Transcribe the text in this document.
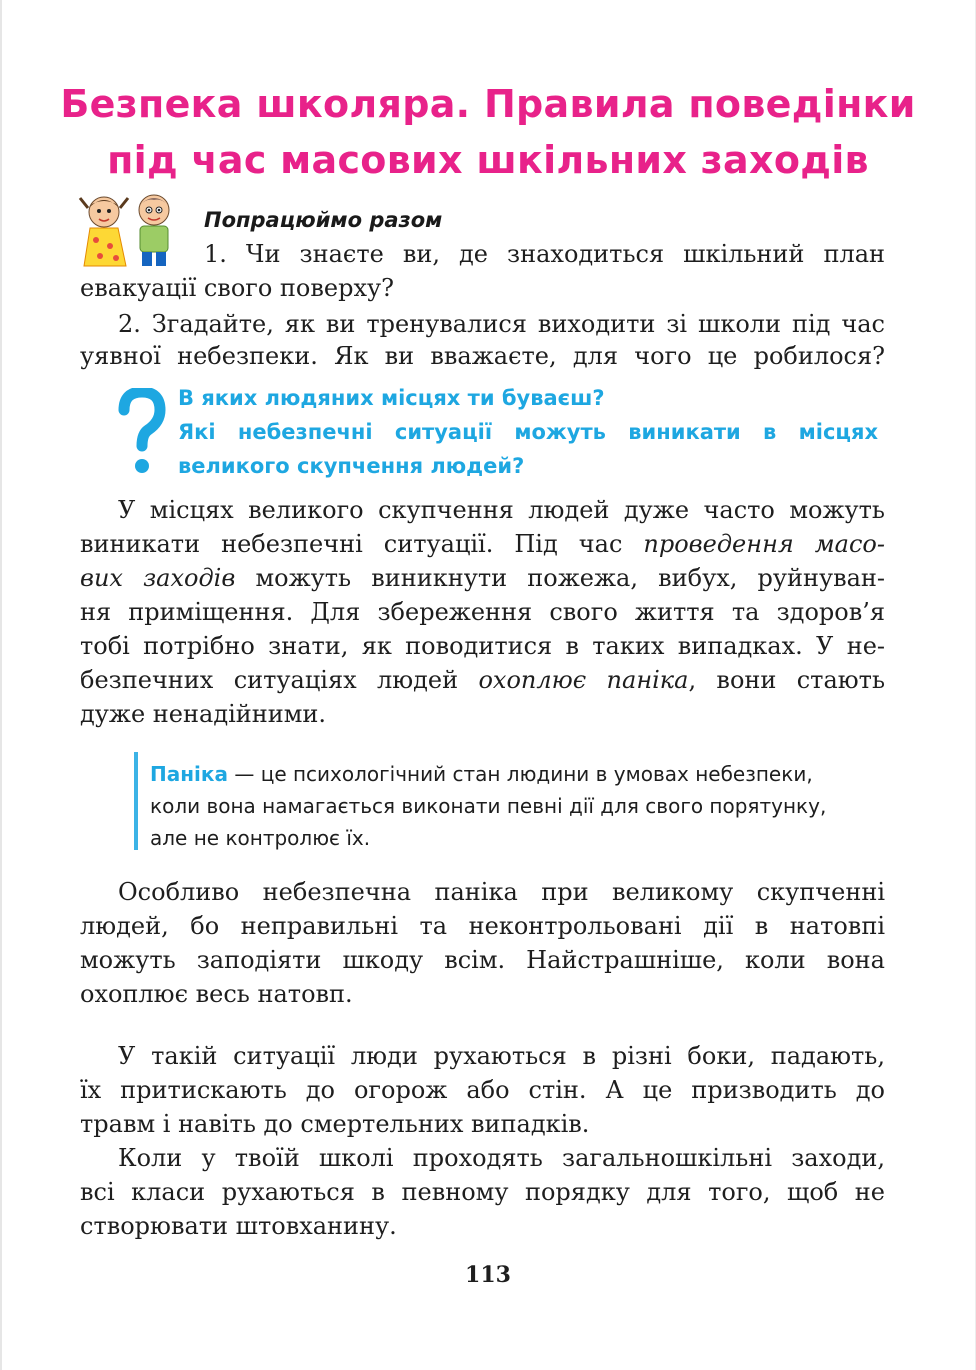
Безпека школяра. Правила поведінки
під час масових шкільних заходів
Попрацюймо разом
1. Чи знаєте ви, де знаходиться шкільний план
евакуації свого поверху?
2. Згадайте, як ви тренувалися виходити зі школи під час
уявної небезпеки. Як ви вважаєте, для чого це робилося?
В яких людяних місцях ти буваєш?
Які небезпечні ситуації можуть виникати в місцях
великого скупчення людей?
У місцях великого скупчення людей дуже часто можуть
виникати небезпечні ситуації. Під час проведення масо-
вих заходів можуть виникнути пожежа, вибух, руйнуван-
ня приміщення. Для збереження свого життя та здоров’я
тобі потрібно знати, як поводитися в таких випадках. У не-
безпечних ситуаціях людей охоплює паніка, вони стають
дуже ненадійними.
Паніка — це психологічний стан людини в умовах небезпеки,
коли вона намагається виконати певні дії для свого порятунку,
але не контролює їх.
Особливо небезпечна паніка при великому скупченні
людей, бо неправильні та неконтрольовані дії в натовпі
можуть заподіяти шкоду всім. Найстрашніше, коли вона
охоплює весь натовп.
У такій ситуації люди рухаються в різні боки, падають,
їх притискають до огорож або стін. А це призводить до
травм і навіть до смертельних випадків.
Коли у твоїй школі проходять загальношкільні заходи,
всі класи рухаються в певному порядку для того, щоб не
створювати штовханину.
113
